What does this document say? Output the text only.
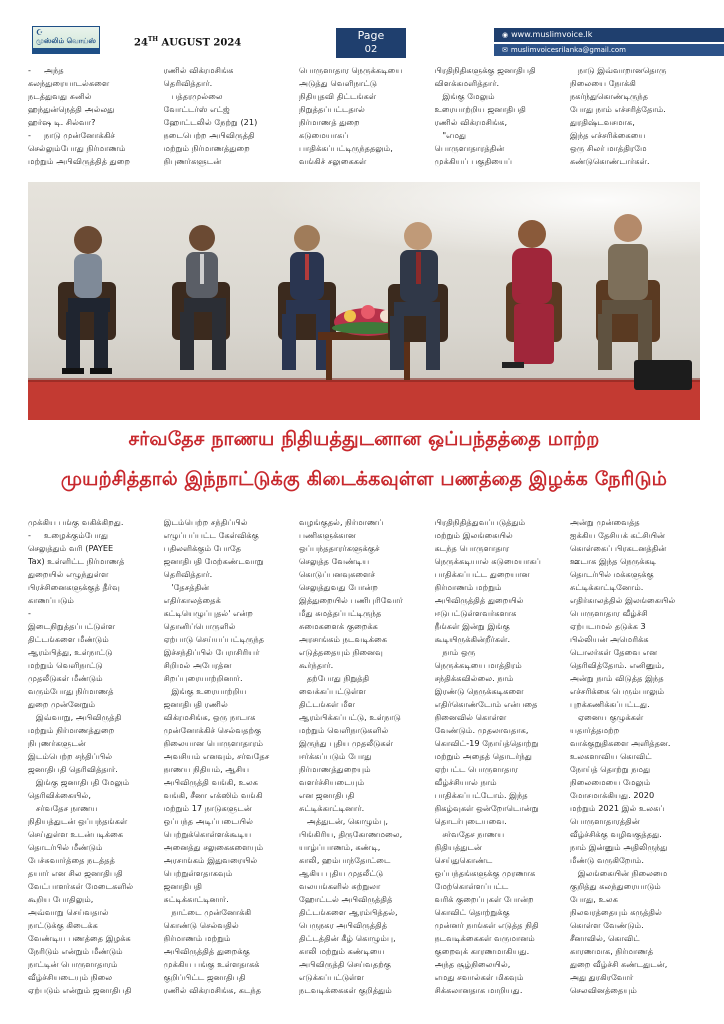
☪
முஸ்லிம் வொய்ஸ்	24TH AUGUST 2024
Page
02
◉ www.muslimvoice.lk
✉ muslimvoicesrilanka@gmail.com

-     அந்த
கலந்துரையாடல்களை
நடத்துவது சுனில்
ஹந்துன்நெத்தி அல்லது
ஹர்ஷ டி. சில்வா?
-     நாடு முன்னோக்கிச்
செல்லும்போது நிர்மாணம்
மற்றும் அபிவிருத்தித் துறை

ரணில் விக்ரமசிங்க
தெரிவித்தார்.
பத்தரமுல்லை
வோட்டர்ஸ் எட்ஜ்
ஹோட்டலில் நேற்று (21)
நடைபெற்ற அபிவிருத்தி
மற்றும் நிர்மாணத்துறை
நிபுணர்களுடன்

பொருளாதார நெருக்கடியை
அடுத்து வெளிநாட்டு
நிதியுதவி திட்டங்கள்
நிறுத்தப்பட்டதால்
நிர்மாணத் துறை
கடுமையாகப்
பாதிக்கப்பட்டிருந்ததலும்,
வங்கிச் சலுகைகள்

பிரதிநிதிகளுக்கு ஜனாதிபதி
விளக்கமளித்தார்.
இங்கு மேலும்
உரையாற்றிய ஜனாதிபதி
ரணில் விக்ரமசிங்க,
"எமது
பொருளாதாரத்தின்
முக்கியப் பகுதியைப்

நாடு இவ்வாறானதொரு
நிலையை நோக்கி
நகர்ந்துகொண்டிருந்த
போது நாம் எச்சரித்தோம்.
துரதிஷ்டவசமாக,
இந்த எச்சரிக்கையை
ஒரு சிலர் மாத்திரமே
கண்டுகொண்டார்கள்.

சர்வதேச நாணய நிதியத்துடனான ஒப்பந்தத்தை மாற்ற
முயற்சித்தால் இந்நாட்டுக்கு கிடைக்கவுள்ள பணத்தை இழக்க நேரிடும்

முக்கிய பங்கு வகிக்கிறது.
-     உழைக்கும்போது
செலுத்தும் வரி (PAYEE
Tax) உள்ளிட்ட நிர்மாணத்
துறையில் எழுந்துள்ள
பிரச்சினைகளுக்குத் தீர்வு
காணப்படும்
-
இடைநிறுத்தப்பட்டுள்ள
திட்டங்களை மீண்டும்
ஆரம்பித்து, உள்நாட்டு
மற்றும் வெளிநாட்டு
முதலீடுகள் மீண்டும்
வரும்போது நிர்மாணத்
துறை முன்னேறும்
இவ்வாறு, அபிவிருத்தி
மற்றும் நிர்மாணத்துறை
நிபுணர்களுடன்
இடம்பெற்ற சந்திப்பில்
ஜனாதிபதி தெரிவித்தார்.
இங்கு ஜனாதிபதி மேலும்
தெரிவிக்கையில்,
சர்வதேச நாணய
நிதியத்துடன் ஒப்பந்தங்கள்
செய்துள்ள உடன்படிக்கை
தொடர்பில் மீண்டும்
பேச்சுவார்த்தை நடத்தத்
தயார் என சில ஜனாதிபதி
வேட்பாளர்கள் மேடைகளில்
கூறிய போதிலும்,
அவ்வாறு செய்வதால்
நாட்டுக்கு கிடைக்க
வேண்டிய பணத்தை இழக்க
நேரிடும் என்றும் மீண்டும்
நாட்டின் பொருளாதாரம்
வீழ்ச்சியடையும் நிலை
ஏற்படும் என்றும் ஜனாதிபதி

இடம்பெற்ற சந்திப்பில்
எழுப்பப்பட்ட கேள்விக்கு
பதிலளிக்கும் போதே
ஜனாதிபதி மேற்கண்டவாறு
தெரிவித்தார்.
'தேசத்தின்
எதிர்காலத்தைக்
கட்டியெழுப்புதல்' என்ற
தொனிப்பொருளில்
ஏற்பாடு செய்யப்பட்டிருந்த
இச்சந்திப்பில் பேராசிரியர்
சிறிமல் அபேரத்ன
சிறப்புரையாற்றினார்.
இங்கு உரையாற்றிய
ஜனாதிபதி ரணில்
விக்ரமசிங்க, ஒரு நாடாக
முன்னோக்கிச் செல்வதற்கு
நிலையான பொருளாதாரம்
அவசியம் எனவும், சர்வதேச
நாணய நிதியம், ஆசிய
அபிவிருத்தி வங்கி, உலக
வங்கி, சீனா எக்ஸிம் வங்கி
மற்றும் 17 நாடுகளுடன்
ஒப்பந்த அடிப்படையில்
பெற்றுக்கொள்ளக்கூடிய
அனைத்து சலுகைகளையும்
அரசாங்கம் இதுவரையில்
பெற்றுள்ளதாகவும்
ஜனாதிபதி
சுட்டிக்காட்டினார்.
நாட்டை முன்னோக்கி
கொண்டு செல்வதில்
நிர்மாணம் மற்றும்
அபிவிருத்தித் துறைக்கு
முக்கிய பங்கு உள்ளதாகக்
குறிப்பிட்ட ஜனாதிபதி
ரணில் விக்ரமசிங்க, கடந்த

வழங்குதல், நிர்மாணப்
பணிகளுக்கான
ஒப்பந்ததாரர்களுக்குச்
செலுத்த வேண்டிய
கொடுப்பனவுகளைச்
செலுத்துவது போன்ற
இத்துறையில் பணிபுரிவோர்
மீது சுமத்தப்பட்டிருந்த
சுமைகளைக் குறைக்க
அரசாங்கம் நடவடிக்கை
எடுத்ததையும் நினைவு
கூர்ந்தார்.
தற்போது நிறுத்தி
வைக்கப்பட்டுள்ள
திட்டங்கள் மீள
ஆரம்பிக்கப்பட்டு, உள்நாடு
மற்றும் வெளிநாடுகளில்
இருந்து புதிய முதலீடுகள்
ஈர்க்கப்படும் போது
நிர்மாணத்துறையும்
வளர்ச்சியடையும்
என ஜனாதிபதி
சுட்டிக்காட்டினார்.
அத்துடன், கொழும்பு,
பிங்கிரிய, திருகோணமலை,
யாழ்ப்பாணம், கண்டி,
காலி, ஹம்பாந்தோட்டை
ஆகிய புதிய முதலீட்டு
வலயங்களில் சுற்றுலா
ஹோட்டல் அபிவிருத்தித்
திட்டங்களை ஆரம்பித்தல்,
பெருநகர அபிவிருத்தித்
திட்டத்தின் கீழ் கொழும்பு,
காலி மற்றும் கண்டியை
அபிவிருத்தி செய்வதற்கு
எடுக்கப்பட்டுள்ள
நடவடிக்கைகள் குறித்தும்

பிரதிநிதித்துவப்படுத்தும்
மற்றும் இலங்கையில்
கடந்த பொருளாதார
நெருக்கடியால் கடுமையாகப்
பாதிக்கப்பட்ட துறையான
நிர்மாணம் மற்றும்
அபிவிருத்தித் துறையில்
ஈடுபட்டுள்ளவர்களாக
நீங்கள் இன்று இங்கு
கூடியிருக்கின்றீர்கள்.
நாம் ஒரு
நெருக்கடியை மாத்திரம்
சந்திக்கவில்லை. நாம்
இரண்டு நெருக்கடிகளை
எதிர்கொண்டோம் என்பதை
நினைவில் கொள்ள
வேண்டும். முதலாவதாக,
கொவிட்-19 நோய்த்தொற்று
மற்றும் அதைத் தொடர்ந்து
ஏற்பட்ட பொருளாதார
வீழ்ச்சியால் நாம்
பாதிக்கப்பட்டோம். இந்த
நிகழ்வுகள் ஒன்றோடொன்று
தொடர்புடையவை.
சர்வதேச நாணய
நிதியத்துடன்
செய்துகொண்ட
ஒப்பந்தங்களுக்கு முரணாக
மேற்கொள்ளப்பட்ட
வரிக் குறைப்புகள் போன்ற
கொவிட் தொற்றுக்கு
முன்னர் நாங்கள் எடுத்த நிதி
நடவடிக்கைகள் வருமானம்
குறைவுக் காரணமாகியது.
அந்த சூழ்நிலையில்,
எமது சவால்கள் மிகவும்
சிக்கலானதாக மாறியது.

அன்று முன்வைத்த
ஐக்கிய தேசியக் கட்சியின்
கொள்கைப் பிரகடனத்தின்
ஊடாக இந்த நெருக்கடி
தொடர்பில் மக்களுக்கு
சுட்டிக்காட்டினோம்.
எதிர்காலத்தில் இலங்கையில்
பொருளாதார வீழ்ச்சி
ஏற்படாமல் தடுக்க 3
பில்லியன் அமெரிக்க
டொலர்கள் தேவை என
தெரிவித்தோம். எனினும்,
அன்று நாம் விடுத்த இந்த
எச்சரிக்கை பெரும்பாலும்
புறக்கணிக்கப்பட்டது.
ஏனைய குழுக்கள்
யதார்த்தமற்ற
வாக்குறுதிகளை அளித்தன.
உலகளாவிய கொவிட்
நோய்த் தொற்று நமது
நிலைமையை மேலும்
மோசமாக்கியது. 2020
மற்றும் 2021 இல் உலகப்
பொருளாதாரத்தின்
வீழ்ச்சிக்கு வழிவகுத்தது.
நாம் இன்னும் அதிலிருந்து
மீண்டு வருகிறோம்.
இலங்கையின் நிலைமை
குறித்து கலந்துரையாடும்
போது, உலக
நிலவரத்தையும் கருத்தில்
கொள்ள வேண்டும்.
சீனாவில், கொவிட்
காரணமாக, நிர்மாணத்
துறை வீழ்ச்சி கண்டதுடன்,
அது துரகிரவோர்
செலவினத்தையும்
